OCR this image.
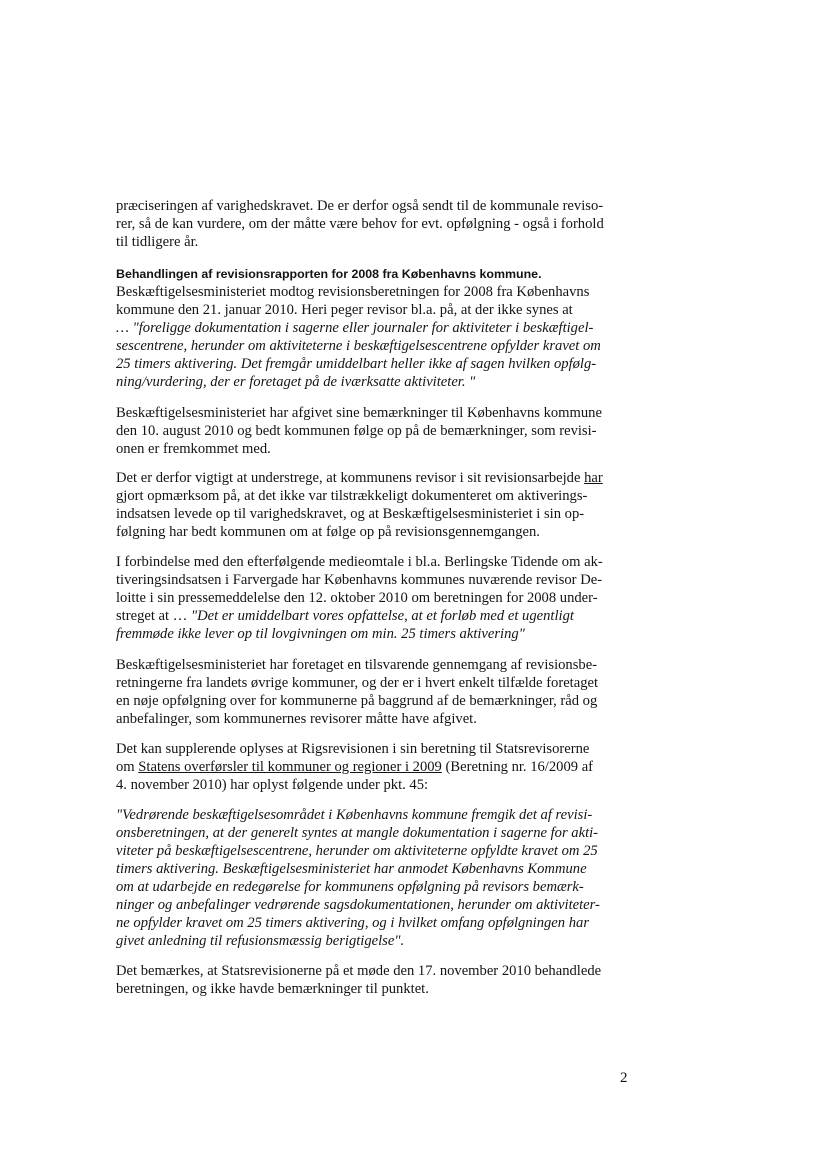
præciseringen af varighedskravet. De er derfor også sendt til de kommunale reviso-
rer, så de kan vurdere, om der måtte være behov for evt. opfølgning - også i forhold
til tidligere år.

Behandlingen af revisionsrapporten for 2008 fra Københavns kommune.
Beskæftigelsesministeriet modtog revisionsberetningen for 2008 fra Københavns
kommune den 21. januar 2010. Heri peger revisor bl.a. på, at der ikke synes at
… "foreligge dokumentation i sagerne eller journaler for aktiviteter i beskæftigel-
sescentrene, herunder om aktiviteterne i beskæftigelsescentrene opfylder kravet om
25 timers aktivering. Det fremgår umiddelbart heller ikke af sagen hvilken opfølg-
ning/vurdering, der er foretaget på de iværksatte aktiviteter. "

Beskæftigelsesministeriet har afgivet sine bemærkninger til Københavns kommune
den 10. august 2010 og bedt kommunen følge op på de bemærkninger, som revisi-
onen er fremkommet med.

Det er derfor vigtigt at understrege, at kommunens revisor i sit revisionsarbejde har
gjort opmærksom på, at det ikke var tilstrækkeligt dokumenteret om aktiverings-
indsatsen levede op til varighedskravet, og at Beskæftigelsesministeriet i sin op-
følgning har bedt kommunen om at følge op på revisionsgennemgangen.

I forbindelse med den efterfølgende medieomtale i bl.a. Berlingske Tidende om ak-
tiveringsindsatsen i Farvergade har Københavns kommunes nuværende revisor De-
loitte i sin pressemeddelelse den 12. oktober 2010 om beretningen for 2008 under-
streget at … "Det er umiddelbart vores opfattelse, at et forløb med et ugentligt
fremmøde ikke lever op til lovgivningen om min. 25 timers aktivering"

Beskæftigelsesministeriet har foretaget en tilsvarende gennemgang af revisionsbe-
retningerne fra landets øvrige kommuner, og der er i hvert enkelt tilfælde foretaget
en nøje opfølgning over for kommunerne på baggrund af de bemærkninger, råd og
anbefalinger, som kommunernes revisorer måtte have afgivet.

Det kan supplerende oplyses at Rigsrevisionen i sin beretning til Statsrevisorerne
om Statens overførsler til kommuner og regioner i 2009 (Beretning nr. 16/2009 af
4. november 2010) har oplyst følgende under pkt. 45:

"Vedrørende beskæftigelsesområdet i Københavns kommune fremgik det af revisi-
onsberetningen, at der generelt syntes at mangle dokumentation i sagerne for akti-
viteter på beskæftigelsescentrene, herunder om aktiviteterne opfyldte kravet om 25
timers aktivering. Beskæftigelsesministeriet har anmodet Københavns Kommune
om at udarbejde en redegørelse for kommunens opfølgning på revisors bemærk-
ninger og anbefalinger vedrørende sagsdokumentationen, herunder om aktiviteter-
ne opfylder kravet om 25 timers aktivering, og i hvilket omfang opfølgningen har
givet anledning til refusionsmæssig berigtigelse".

Det bemærkes, at Statsrevisionerne på et møde den 17. november 2010 behandlede
beretningen, og ikke havde bemærkninger til punktet.

2
